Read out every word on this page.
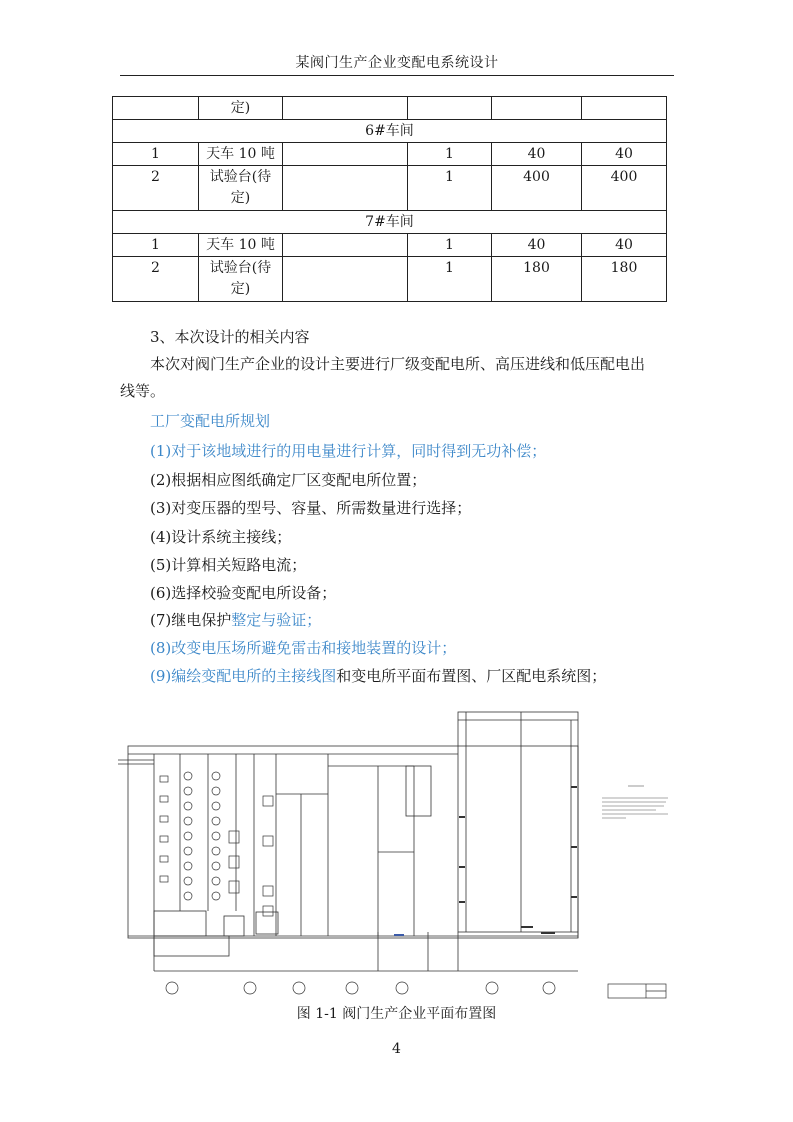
某阀门生产企业变配电系统设计
	定)				
6#车间					
1	天车 10 吨		1	40	40
2	试验台(待
定)		1	400	400
7#车间					
1	天车 10 吨		1	40	40
2	试验台(待
定)		1	180	180
3、本次设计的相关内容
本次对阀门生产企业的设计主要进行厂级变配电所、高压进线和低压配电出
线等。
工厂变配电所规划
(1)对于该地域进行的用电量进行计算，同时得到无功补偿；
(2)根据相应图纸确定厂区变配电所位置；
(3)对变压器的型号、容量、所需数量进行选择；
(4)设计系统主接线；
(5)计算相关短路电流；
(6)选择校验变配电所设备；
(7)继电保护整定与验证；
(8)改变电压场所避免雷击和接地装置的设计；
(9)编绘变配电所的主接线图和变电所平面布置图、厂区配电系统图；
图 1-1 阀门生产企业平面布置图
4
